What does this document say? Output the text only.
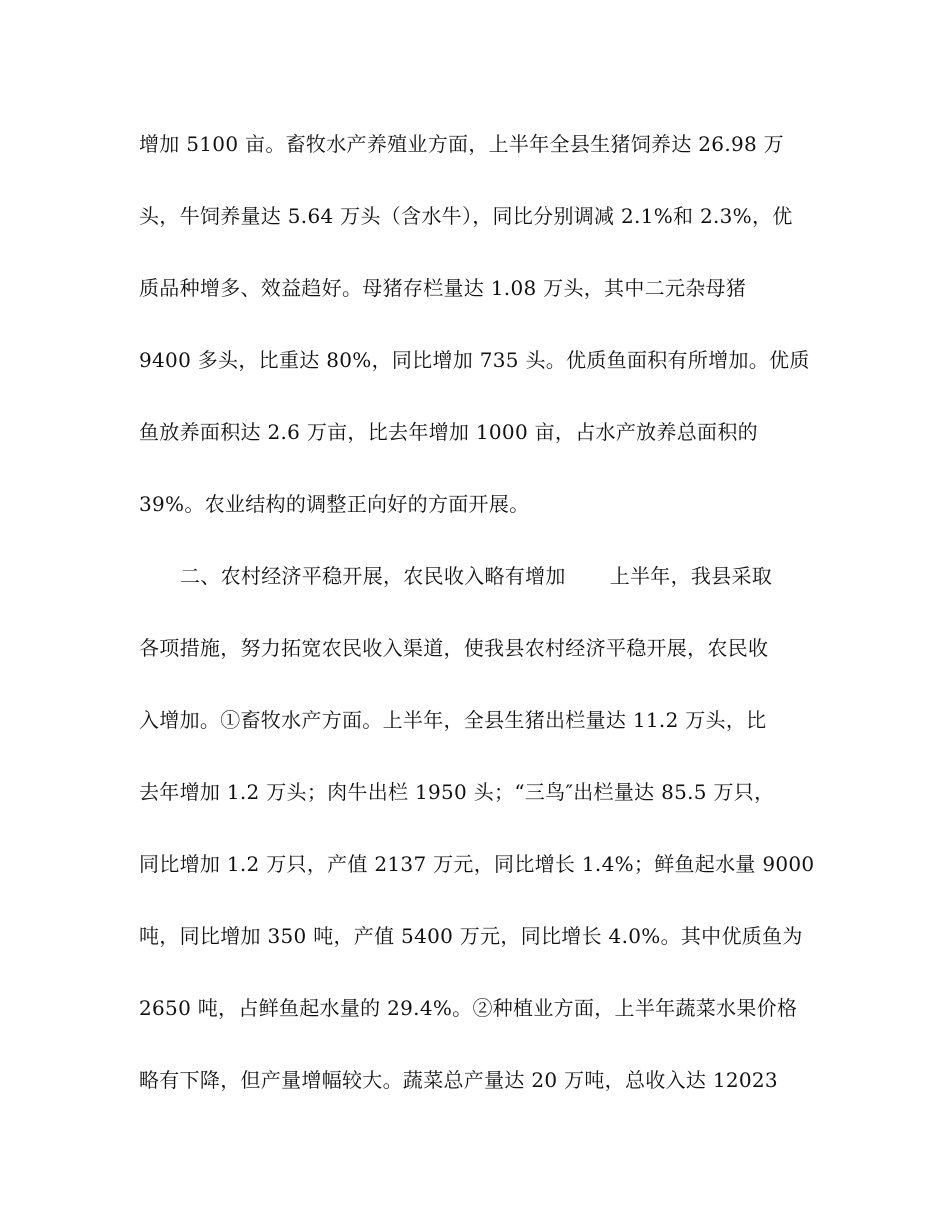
增加 5100 亩。畜牧水产养殖业方面，上半年全县生猪饲养达 26.98 万
头，牛饲养量达 5.64 万头（含水牛），同比分别调减 2.1%和 2.3%，优
质品种增多、效益趋好。母猪存栏量达 1.08 万头，其中二元杂母猪
9400 多头，比重达 80%，同比增加 735 头。优质鱼面积有所增加。优质
鱼放养面积达 2.6 万亩，比去年增加 1000 亩，占水产放养总面积的
39%。农业结构的调整正向好的方面开展。
二、农村经济平稳开展，农民收入略有增加 上半年，我县采取
各项措施，努力拓宽农民收入渠道，使我县农村经济平稳开展，农民收
入增加。①畜牧水产方面。上半年，全县生猪出栏量达 11.2 万头，比
去年增加 1.2 万头；肉牛出栏 1950 头；“三鸟″出栏量达 85.5 万只，
同比增加 1.2 万只，产值 2137 万元，同比增长 1.4%；鲜鱼起水量 9000
吨，同比增加 350 吨，产值 5400 万元，同比增长 4.0%。其中优质鱼为
2650 吨，占鲜鱼起水量的 29.4%。②种植业方面，上半年蔬菜水果价格
略有下降，但产量增幅较大。蔬菜总产量达 20 万吨，总收入达 12023
